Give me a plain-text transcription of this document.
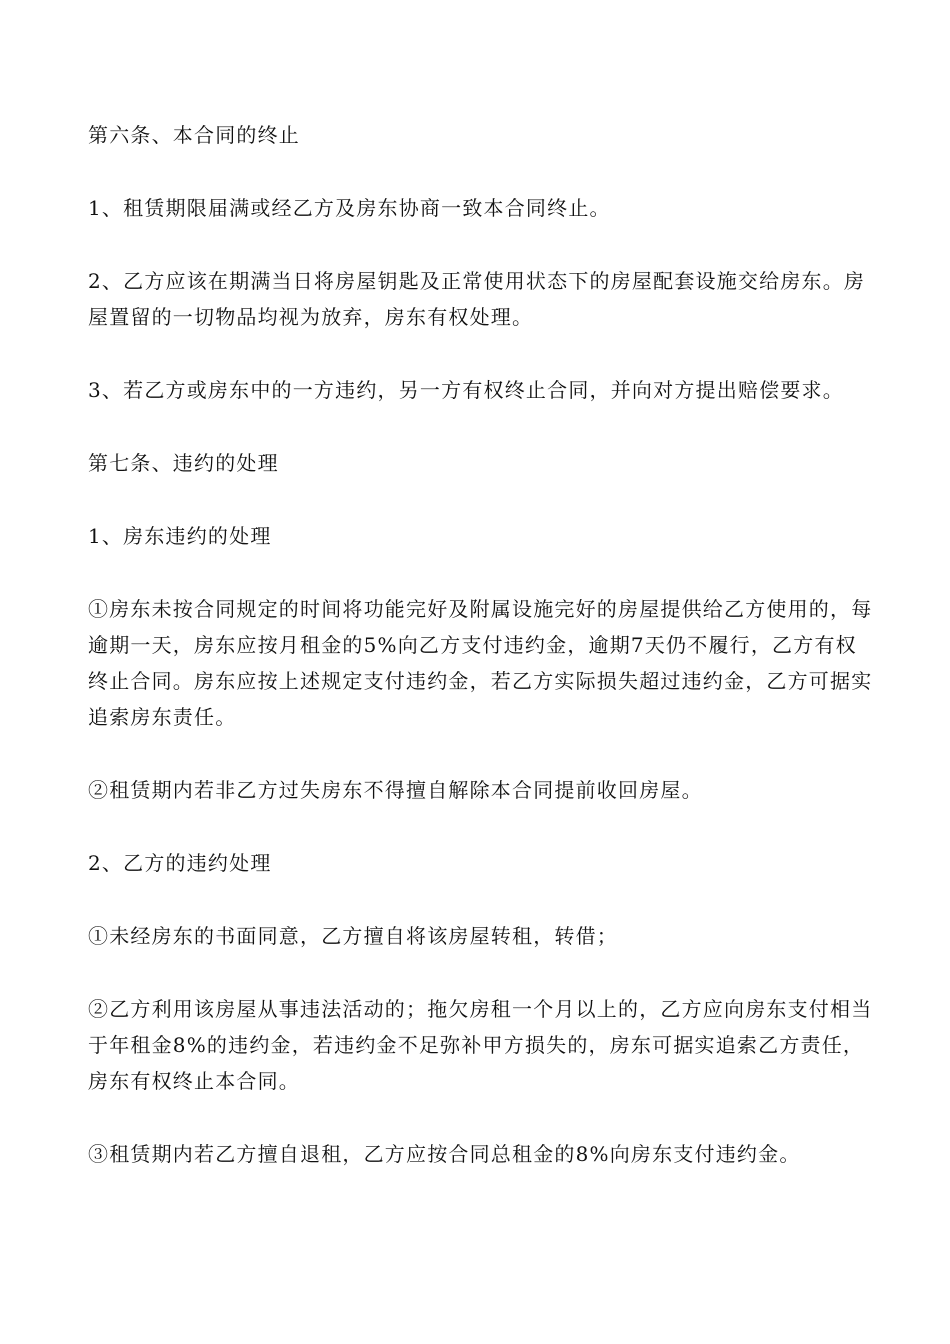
第六条、本合同的终止

1、租赁期限届满或经乙方及房东协商一致本合同终止。

2、乙方应该在期满当日将房屋钥匙及正常使用状态下的房屋配套设施交给房东。房屋置留的一切物品均视为放弃，房东有权处理。

3、若乙方或房东中的一方违约，另一方有权终止合同，并向对方提出赔偿要求。

第七条、违约的处理

1、房东违约的处理

①房东未按合同规定的时间将功能完好及附属设施完好的房屋提供给乙方使用的，每逾期一天，房东应按月租金的5%向乙方支付违约金，逾期7天仍不履行，乙方有权终止合同。房东应按上述规定支付违约金，若乙方实际损失超过违约金，乙方可据实追索房东责任。

②租赁期内若非乙方过失房东不得擅自解除本合同提前收回房屋。

2、乙方的违约处理

①未经房东的书面同意，乙方擅自将该房屋转租，转借；

②乙方利用该房屋从事违法活动的；拖欠房租一个月以上的，乙方应向房东支付相当于年租金8%的违约金，若违约金不足弥补甲方损失的，房东可据实追索乙方责任，房东有权终止本合同。

③租赁期内若乙方擅自退租，乙方应按合同总租金的8%向房东支付违约金。
